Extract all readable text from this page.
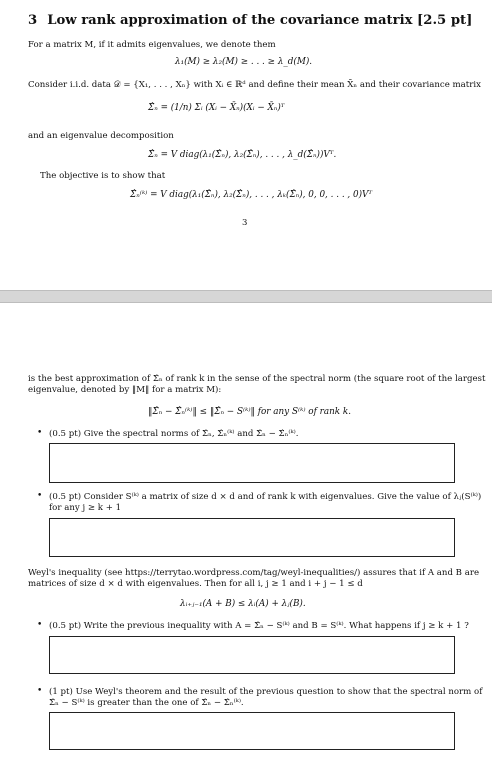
3 Low rank approximation of the covariance matrix [2.5 pt]
For a matrix M, if it admits eigenvalues, we denote them
λ₁(M) ≥ λ₂(M) ≥ . . . ≥ λ_d(M).
Consider i.i.d. data 𝒟 = {X₁, . . . , Xₙ} with Xᵢ ∈ ℝᵈ and define their mean X̄ₙ and their covariance matrix
Σ̂ₙ = (1/n) Σᵢ (Xᵢ − X̄ₙ)(Xᵢ − X̄ₙ)ᵀ
and an eigenvalue decomposition
Σ̂ₙ = V diag(λ₁(Σ̂ₙ), λ₂(Σ̂ₙ), . . . , λ_d(Σ̂ₙ))Vᵀ.
The objective is to show that
Σ̂ₙ⁽ᵏ⁾ = V diag(λ₁(Σ̂ₙ), λ₂(Σ̂ₙ), . . . , λₖ(Σ̂ₙ), 0, 0, . . . , 0)Vᵀ
3
is the best approximation of Σ̂ₙ of rank k in the sense of the spectral norm (the square root of the largest
eigenvalue, denoted by ‖M‖ for a matrix M):
‖Σ̂ₙ − Σ̂ₙ⁽ᵏ⁾‖ ≤ ‖Σ̂ₙ − S⁽ᵏ⁾‖ for any S⁽ᵏ⁾ of rank k.
• (0.5 pt) Give the spectral norms of Σ̂ₙ, Σ̂ₙ⁽ᵏ⁾ and Σ̂ₙ − Σ̂ₙ⁽ᵏ⁾.
• (0.5 pt) Consider S⁽ᵏ⁾ a matrix of size d × d and of rank k with eigenvalues. Give the value of λⱼ(S⁽ᵏ⁾)
for any j ≥ k + 1
Weyl's inequality (see https://terrytao.wordpress.com/tag/weyl-inequalities/) assures that if A and B are
matrices of size d × d with eigenvalues. Then for all i, j ≥ 1 and i + j − 1 ≤ d
λᵢ₊ⱼ₋₁(A + B) ≤ λᵢ(A) + λⱼ(B).
• (0.5 pt) Write the previous inequality with A = Σ̂ₙ − S⁽ᵏ⁾ and B = S⁽ᵏ⁾. What happens if j ≥ k + 1 ?
• (1 pt) Use Weyl's theorem and the result of the previous question to show that the spectral norm of
Σ̂ₙ − S⁽ᵏ⁾ is greater than the one of Σ̂ₙ − Σ̂ₙ⁽ᵏ⁾.
